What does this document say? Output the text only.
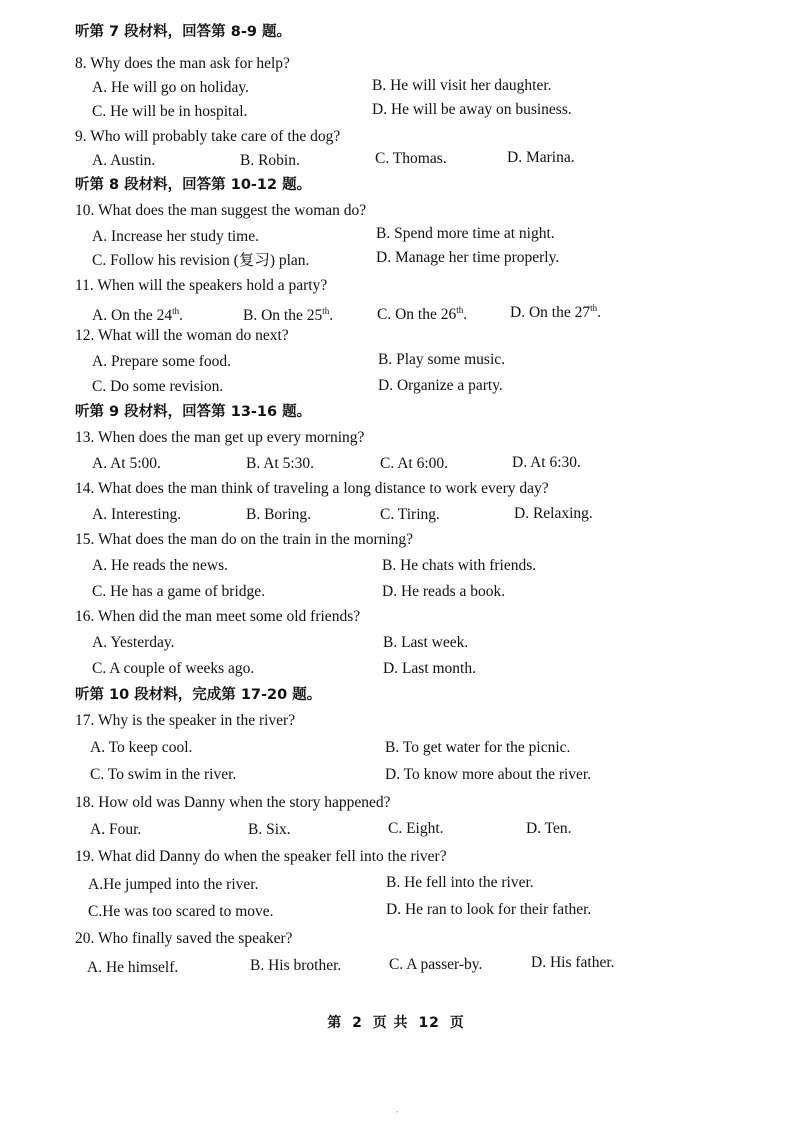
听第 7 段材料，回答第 8-9 题。
8. Why does the man ask for help?
A. He will go on holiday.	B. He will visit her daughter.
C. He will be in hospital.	D. He will be away on business.
9. Who will probably take care of the dog?
A. Austin.	B. Robin.	C. Thomas.	D. Marina.
听第 8 段材料，回答第 10-12 题。
10. What does the man suggest the woman do?
A. Increase her study time.	B. Spend more time at night.
C. Follow his revision (复习) plan.	D. Manage her time properly.
11. When will the speakers hold a party?
A. On the 24th.	B. On the 25th.	C. On the 26th.	D. On the 27th.
12. What will the woman do next?
A. Prepare some food.	B. Play some music.
C. Do some revision.	D. Organize a party.
听第 9 段材料，回答第 13-16 题。
13. When does the man get up every morning?
A. At 5:00.	B. At 5:30.	C. At 6:00.	D. At 6:30.
14. What does the man think of traveling a long distance to work every day?
A. Interesting.	B. Boring.	C. Tiring.	D. Relaxing.
15. What does the man do on the train in the morning?
A. He reads the news.	B. He chats with friends.
C. He has a game of bridge.	D. He reads a book.
16. When did the man meet some old friends?
A. Yesterday.	B. Last week.
C. A couple of weeks ago.	D. Last month.
听第 10 段材料，完成第 17-20 题。
17. Why is the speaker in the river?
A. To keep cool.	B. To get water for the picnic.
C. To swim in the river.	D. To know more about the river.
18. How old was Danny when the story happened?
A. Four.	B. Six.	C. Eight.	D. Ten.
19. What did Danny do when the speaker fell into the river?
A.He jumped into the river.	B. He fell into the river.
C.He was too scared to move.	D. He ran to look for their father.
20. Who finally saved the speaker?
A. He himself.	B. His brother.	C. A passer-by.	D. His father.
第 2 页 共 12 页
•
